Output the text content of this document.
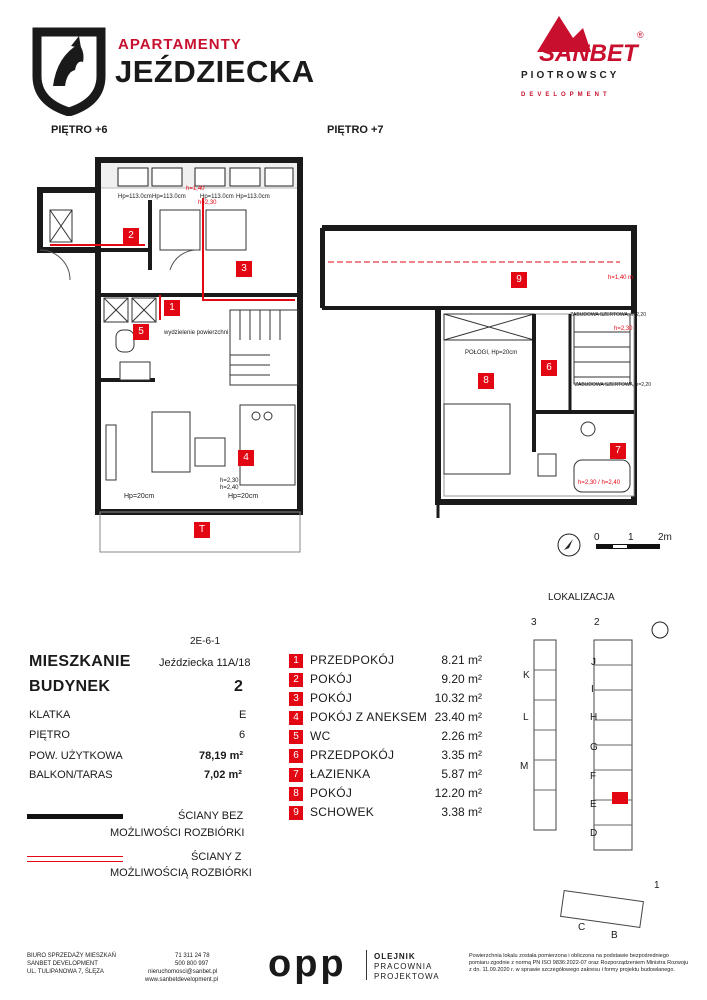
APARTAMENTY
JEŹDZIECKA
SANBET
®
PIOTROWSCY
DEVELOPMENT
PIĘTRO +6	PIĘTRO +7
Hp=113.0cm Hp=113.0cm Hp=113.0cm Hp=113.0cm
h=1,40
h=2,30
wydzielenie powierzchni
h=2,30
h=2,40
Hp=20cm	Hp=20cm
1
2
3
4
5
T
h=1,40 m
POŁOGI, Hp=20cm
ZABUDOWA SZERTOWA, h=2,20
ZABUDOWA SZERTOWA, h=2,20
h=2,30
h=2,30 / h=2,40
9
8
6
7
0	1 2m
LOKALIZACJA
3	2
K
L
M
J
I
H
G
F
E
D
1
C
B
2E-6-1
MIESZKANIE	Jeździecka 11A/18
BUDYNEK	2
KLATKA	E
PIĘTRO	6
POW. UŻYTKOWA	78,19 m²
BALKON/TARAS	7,02 m²
ŚCIANY BEZ
MOŻLIWOŚCI ROZBIÓRKI
ŚCIANY Z
MOŻLIWOŚCIĄ ROZBIÓRKI
1 PRZEDPOKÓJ	8.21 m²
2 POKÓJ	9.20 m²
3 POKÓJ	10.32 m²
4 POKÓJ Z ANEKSEM 23.40 m²
5 WC	2.26 m²
6 PRZEDPOKÓJ	3.35 m²
7 ŁAZIENKA	5.87 m²
8 POKÓJ	12.20 m²
9 SCHOWEK	3.38 m²
BIURO SPRZEDAŻY MIESZKAŃ
SANBET DEVELOPMENT
UL. TULIPANOWA 7, ŚLĘZA
71 311 24 78
500 800 997
nieruchomosci@sanbet.pl
www.sanbetdevelopment.pl opp	OLEJNIK
PRACOWNIA
PROJEKTOWA
Powierzchnia lokalu została pomierzona i obliczona na podstawie bezpośredniego pomiaru zgodnie z normą PN ISO 9836:2022-07 oraz Rozporządzeniem Ministra Rozwoju z dn. 11.09.2020 r. w sprawie szczegółowego zakresu i formy projektu budowlanego.
